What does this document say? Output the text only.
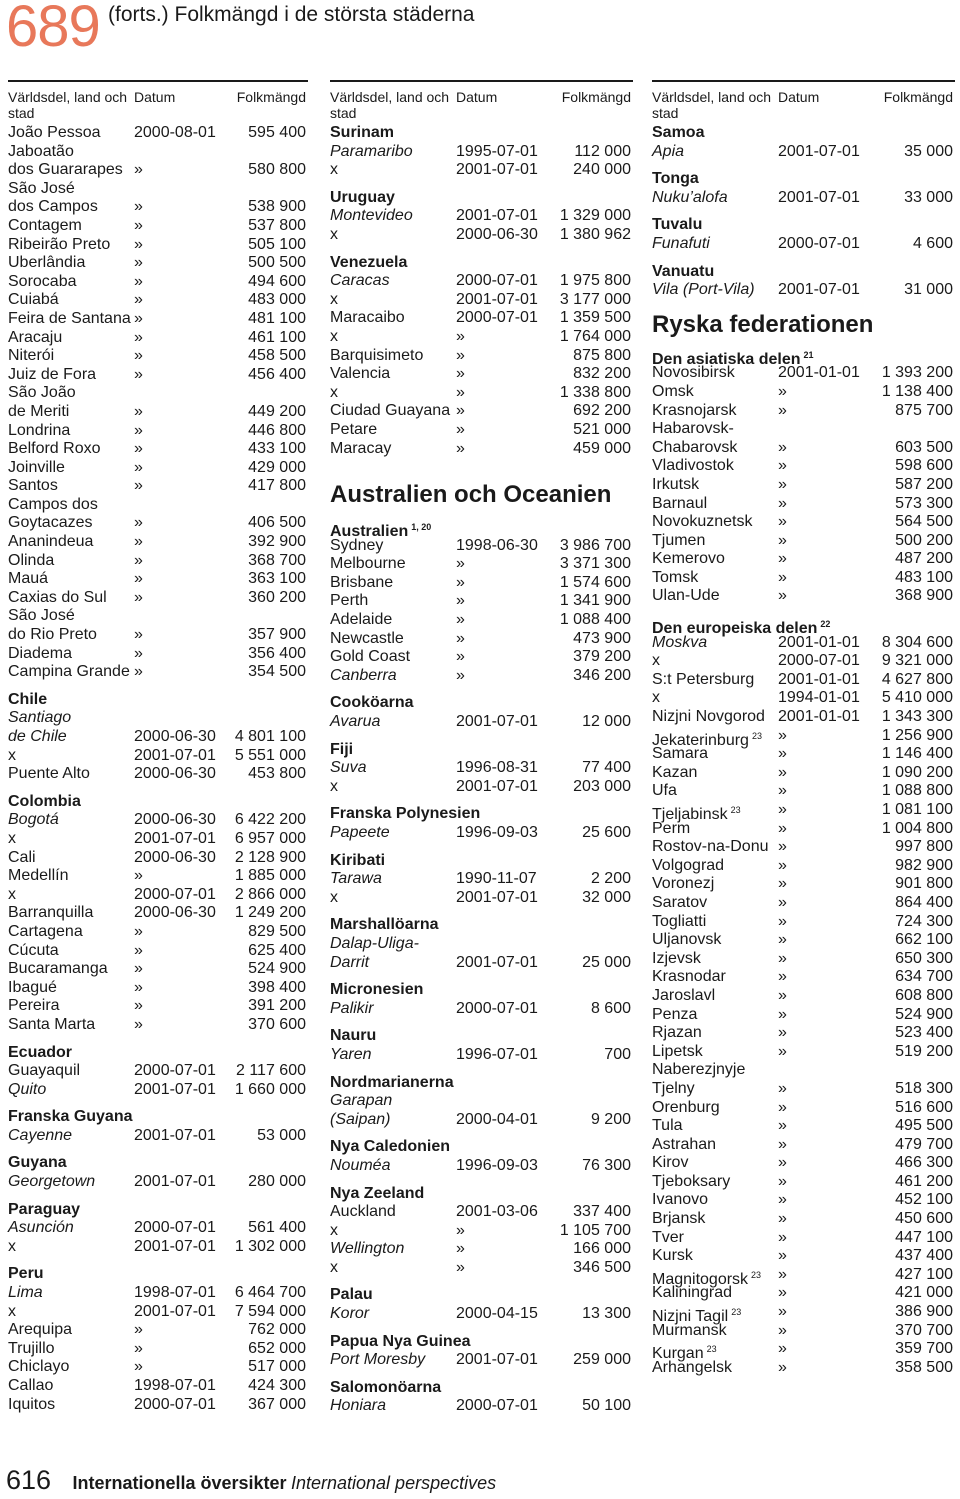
689 (forts.) Folkmängd i de största städerna
Världsdel, land och stad
Datum	Folkmängd
João Pessoa 2000-08-01 595 400
Jaboatão
dos Guararapes »	580 800
São José
dos Campos »	538 900
Contagem	»	537 800
Ribeirão Preto »	505 100
Uberlândia	»	500 500
Sorocaba	»	494 600
Cuiabá	»	483 000
Feira de Santana »	481 100
Aracaju	»	461 100
Niterói	»	458 500
Juiz de Fora »	456 400
São João
de Meriti	»	449 200
Londrina	»	446 800
Belford Roxo »	433 100
Joinville	»	429 000
Santos	»	417 800
Campos dos
Goytacazes	»	406 500
Ananindeua	»	392 900
Olinda	»	368 700
Mauá	»	363 100
Caxias do Sul »	360 200
São José
do Rio Preto »	357 900
Diadema	»	356 400
Campina Grande »	354 500
Chile
Santiago
de Chile	2000-06-30 4 801 100
x	2001-07-01 5 551 000
Puente Alto	2000-06-30 453 800
Colombia
Bogotá	2000-06-30 6 422 200
x	2001-07-01 6 957 000
Cali	2000-06-30 2 128 900
Medellín	»	1 885 000
x	2000-07-01 2 866 000
Barranquilla	2000-06-30 1 249 200
Cartagena	»	829 500
Cúcuta	»	625 400
Bucaramanga »	524 900
Ibagué	»	398 400
Pereira	»	391 200
Santa Marta »	370 600
Ecuador
Guayaquil	2000-07-01 2 117 600
Quito	2001-07-01 1 660 000
Franska Guyana
Cayenne	2001-07-01	53 000
Guyana
Georgetown 2001-07-01 280 000
Paraguay
Asunción	2000-07-01 561 400
x	2001-07-01 1 302 000
Peru
Lima	1998-07-01 6 464 700
x	2001-07-01 7 594 000
Arequipa	»	762 000
Trujillo	»	652 000
Chiclayo	»	517 000
Callao	1998-07-01 424 300
Iquitos	2000-07-01 367 000
Världsdel, land och stad
Datum	Folkmängd
Surinam
Paramaribo	1995-07-01 112 000
x	2001-07-01 240 000
Uruguay
Montevideo	2001-07-01 1 329 000
x	2000-06-30 1 380 962
Venezuela
Caracas	2000-07-01 1 975 800
x	2001-07-01 3 177 000
Maracaibo	2000-07-01 1 359 500
x	»	1 764 000
Barquisimeto »	875 800
Valencia	»	832 200
x	»	1 338 800
Ciudad Guayana »	692 200
Petare	»	521 000
Maracay	»	459 000
Australien och Oceanien
Australien $^{1, 20}$
Sydney	1998-06-30 3 986 700
Melbourne	»	3 371 300
Brisbane	»	1 574 600
Perth	»	1 341 900
Adelaide	»	1 088 400
Newcastle	»	473 900
Gold Coast	»	379 200
Canberra	»	346 200
Cooköarna
Avarua	2001-07-01	12 000
Fiji
Suva	1996-08-31	77 400
x	2001-07-01 203 000
Franska Polynesien
Papeete	1996-09-03	25 600
Kiribati
Tarawa	1990-11-07	2 200
x	2001-07-01	32 000
Marshallöarna
Dalap-Uliga-
Darrit	2001-07-01	25 000
Micronesien
Palikir	2000-07-01	8 600
Nauru
Yaren	1996-07-01	700
Nordmarianerna
Garapan
(Saipan)	2000-04-01	9 200
Nya Caledonien
Nouméa	1996-09-03	76 300
Nya Zeeland
Auckland	2001-03-06 337 400
x	»	1 105 700
Wellington	»	166 000
x	»	346 500
Palau
Koror	2000-04-15	13 300
Papua Nya Guinea
Port Moresby 2001-07-01 259 000
Salomonöarna
Honiara	2000-07-01	50 100
Världsdel, land och stad
Datum	Folkmängd
Samoa
Apia	2001-07-01	35 000
Tonga
Nuku’alofa	2001-07-01	33 000
Tuvalu
Funafuti	2000-07-01	4 600
Vanuatu
Vila (Port-Vila) 2001-07-01	31 000
Ryska federationen
Den asiatiska delen $^{21}$
Novosibirsk	2001-01-01 1 393 200
Omsk	»	1 138 400
Krasnojarsk	»	875 700
Habarovsk-
Chabarovsk	»	603 500
Vladivostok	»	598 600
Irkutsk	»	587 200
Barnaul	»	573 300
Novokuznetsk »	564 500
Tjumen	»	500 200
Kemerovo	»	487 200
Tomsk	»	483 100
Ulan-Ude	»	368 900
Den europeiska delen $^{22}$
Moskva	2001-01-01 8 304 600
x	2000-07-01 9 321 000
S:t Petersburg 2001-01-01 4 627 800
x	1994-01-01 5 410 000
Nizjni Novgorod 2001-01-01 1 343 300
Jekaterinburg $^{23}$ »	1 256 900
Samara	»	1 146 400
Kazan	»	1 090 200
Ufa	»	1 088 800
Tjeljabinsk $^{23}$ »	1 081 100
Perm	»	1 004 800
Rostov-na-Donu »	997 800
Volgograd	»	982 900
Voronezj	»	901 800
Saratov	»	864 400
Togliatti	»	724 300
Uljanovsk	»	662 100
Izjevsk	»	650 300
Krasnodar	»	634 700
Jaroslavl	»	608 800
Penza	»	524 900
Rjazan	»	523 400
Lipetsk	»	519 200
Naberezjnyje
Tjelny	»	518 300
Orenburg	»	516 600
Tula	»	495 500
Astrahan	»	479 700
Kirov	»	466 300
Tjeboksary	»	461 200
Ivanovo	»	452 100
Brjansk	»	450 600
Tver	»	447 100
Kursk	»	437 400
Magnitogorsk $^{23}$ »	427 100
Kaliningrad	»	421 000
Nizjni Tagil $^{23}$ »	386 900
Murmansk	»	370 700
Kurgan $^{23}$	»	359 700
Arhangelsk	»	358 500
616 Internationella översikter International perspectives
